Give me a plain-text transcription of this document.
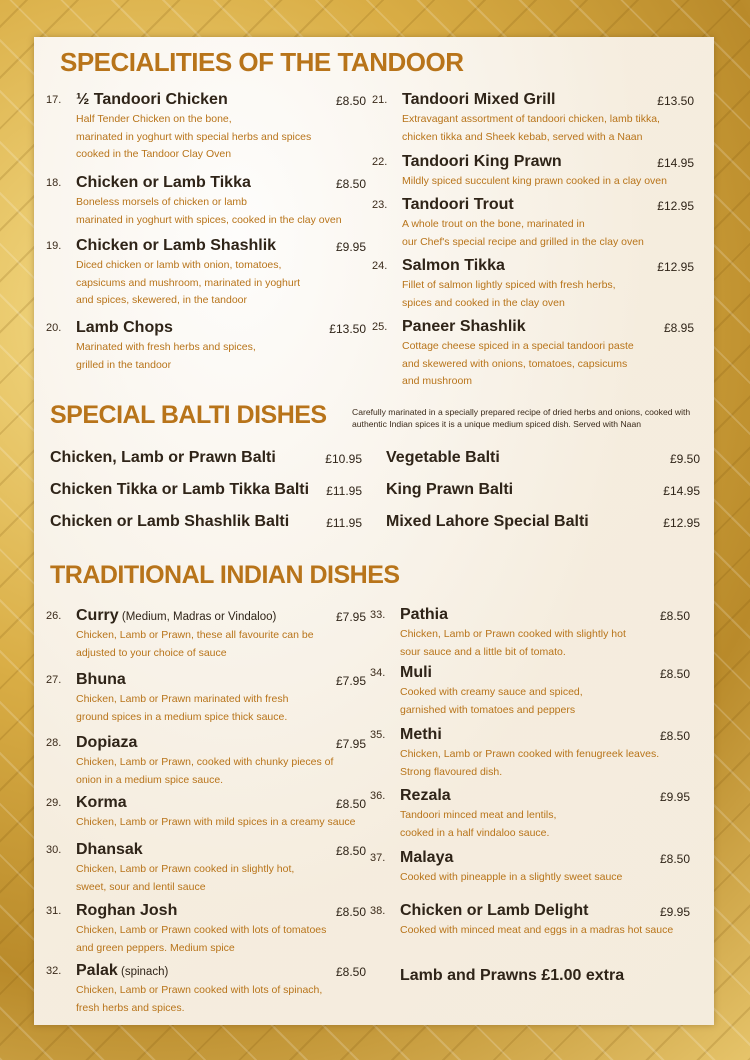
SPECIALITIES OF THE TANDOOR
17. ½ Tandoori Chicken	£8.50
Half Tender Chicken on the bone,
marinated in yoghurt with special herbs and spices
cooked in the Tandoor Clay Oven
18. Chicken or Lamb Tikka	£8.50
Boneless morsels of chicken or lamb
marinated in yoghurt with spices, cooked in the clay oven
19. Chicken or Lamb Shashlik	£9.95
Diced chicken or lamb with onion, tomatoes,
capsicums and mushroom, marinated in yoghurt
and spices, skewered, in the tandoor
20. Lamb Chops	£13.50
Marinated with fresh herbs and spices,
grilled in the tandoor
21. Tandoori Mixed Grill	£13.50
Extravagant assortment of tandoori chicken, lamb tikka,
chicken tikka and Sheek kebab, served with a Naan
22. Tandoori King Prawn	£14.95
Mildly spiced succulent king prawn cooked in a clay oven
23. Tandoori Trout	£12.95
A whole trout on the bone, marinated in
our Chef's special recipe and grilled in the clay oven
24. Salmon Tikka	£12.95
Fillet of salmon lightly spiced with fresh herbs,
spices and cooked in the clay oven
25. Paneer Shashlik	£8.95
Cottage cheese spiced in a special tandoori paste
and skewered with onions, tomatoes, capsicums
and mushroom
SPECIAL BALTI DISHES	Carefully marinated in a specially prepared recipe of dried herbs and onions, cooked with authentic Indian spices it is a unique medium spiced dish. Served with Naan
Chicken, Lamb or Prawn Balti	£10.95
Chicken Tikka or Lamb Tikka Balti £11.95
Chicken or Lamb Shashlik Balti	£11.95
Vegetable Balti	£9.50
King Prawn Balti	£14.95
Mixed Lahore Special Balti	£12.95
TRADITIONAL INDIAN DISHES
26. Curry (Medium, Madras or Vindaloo)	£7.95
Chicken, Lamb or Prawn, these all favourite can be
adjusted to your choice of sauce
27. Bhuna	£7.95
Chicken, Lamb or Prawn marinated with fresh
ground spices in a medium spice thick sauce.
28. Dopiaza	£7.95
Chicken, Lamb or Prawn, cooked with chunky pieces of
onion in a medium spice sauce.
29. Korma	£8.50
Chicken, Lamb or Prawn with mild spices in a creamy sauce
30. Dhansak	£8.50
Chicken, Lamb or Prawn cooked in slightly hot,
sweet, sour and lentil sauce
31. Roghan Josh	£8.50
Chicken, Lamb or Prawn cooked with lots of tomatoes
and green peppers. Medium spice
32. Palak (spinach)	£8.50
Chicken, Lamb or Prawn cooked with lots of spinach,
fresh herbs and spices.
33. Pathia	£8.50
Chicken, Lamb or Prawn cooked with slightly hot
sour sauce and a little bit of tomato.
34. Muli	£8.50
Cooked with creamy sauce and spiced,
garnished with tomatoes and peppers
35. Methi	£8.50
Chicken, Lamb or Prawn cooked with fenugreek leaves.
Strong flavoured dish.
36. Rezala	£9.95
Tandoori minced meat and lentils,
cooked in a half vindaloo sauce.
37. Malaya	£8.50
Cooked with pineapple in a slightly sweet sauce
38. Chicken or Lamb Delight	£9.95
Cooked with minced meat and eggs in a madras hot sauce
Lamb and Prawns £1.00 extra
